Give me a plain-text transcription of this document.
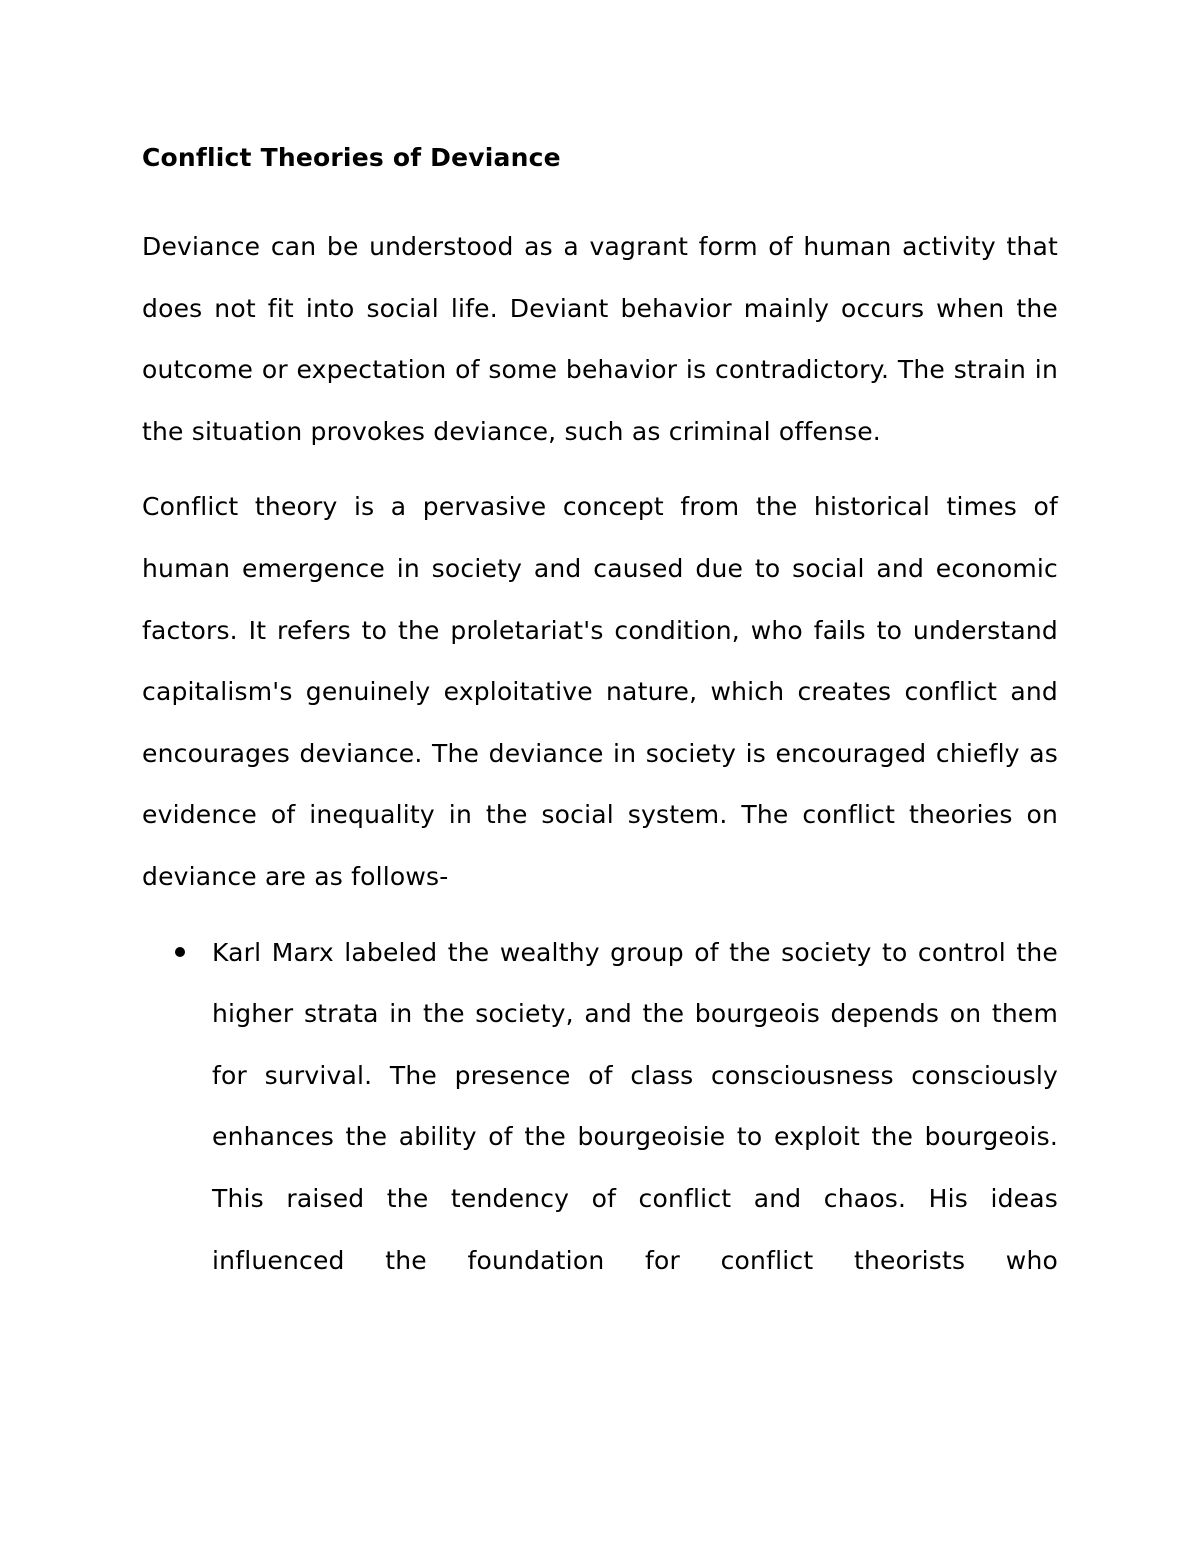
Conflict Theories of Deviance

Deviance can be understood as a vagrant form of human activity that does not fit into social life. Deviant behavior mainly occurs when the outcome or expectation of some behavior is contradictory. The strain in the situation provokes deviance, such as criminal offense.

Conflict theory is a pervasive concept from the historical times of human emergence in society and caused due to social and economic factors. It refers to the proletariat's condition, who fails to understand capitalism's genuinely exploitative nature, which creates conflict and encourages deviance. The deviance in society is encouraged chiefly as evidence of inequality in the social system. The conflict theories on deviance are as follows-

Karl Marx labeled the wealthy group of the society to control the higher strata in the society, and the bourgeois depends on them for survival. The presence of class consciousness consciously enhances the ability of the bourgeoisie to exploit the bourgeois. This raised the tendency of conflict and chaos. His ideas influenced the foundation for conflict theorists who
